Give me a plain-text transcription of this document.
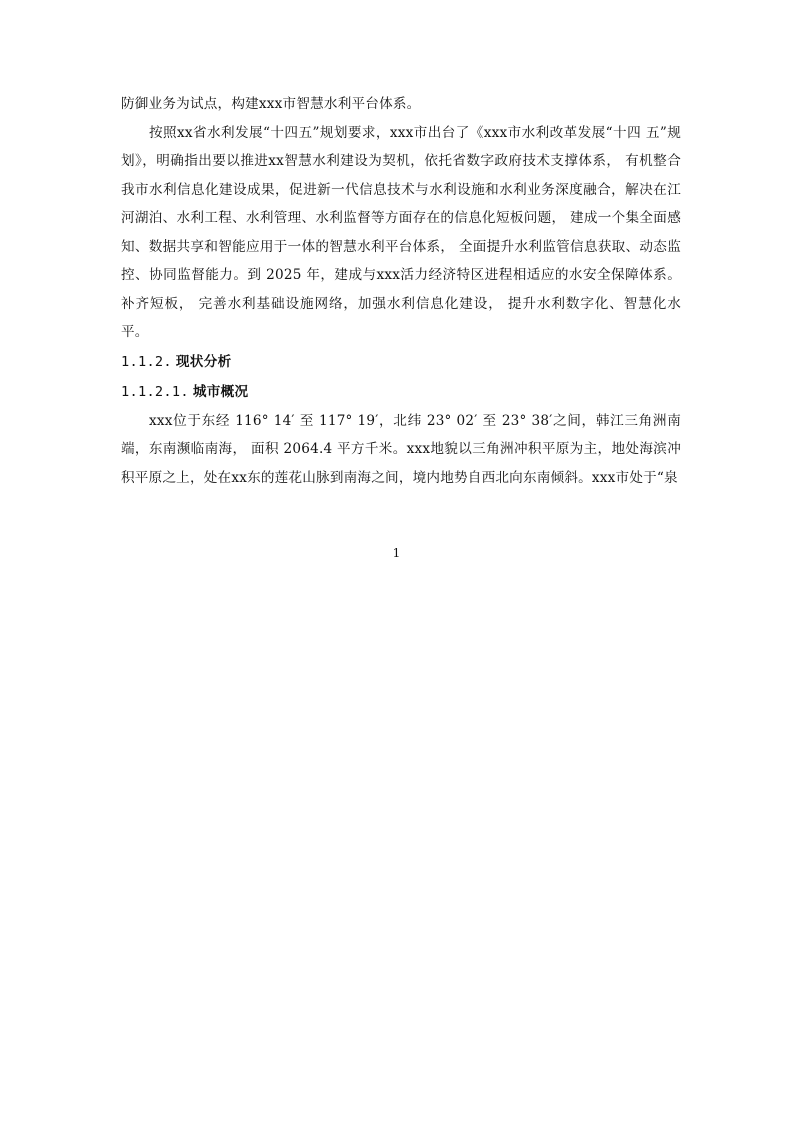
防御业务为试点，构建xxx市智慧水利平台体系。

按照xx省水利发展“十四五”规划要求，xxx市出台了《xxx市水利改革发展“十四 五”规划》，明确指出要以推进xx智慧水利建设为契机，依托省数字政府技术支撑体系， 有机整合我市水利信息化建设成果，促进新一代信息技术与水利设施和水利业务深度融合，解决在江河湖泊、水利工程、水利管理、水利监督等方面存在的信息化短板问题， 建成一个集全面感知、数据共享和智能应用于一体的智慧水利平台体系， 全面提升水利监管信息获取、动态监控、协同监督能力。到 2025 年，建成与xxx活力经济特区进程相适应的水安全保障体系。补齐短板， 完善水利基础设施网络，加强水利信息化建设， 提升水利数字化、智慧化水平。

1.1.2. 现状分析
1.1.2.1. 城市概况

xxx位于东经 116° 14′ 至 117° 19′，北纬 23° 02′ 至 23° 38′之间，韩江三角洲南端，东南濒临南海， 面积 2064.4 平方千米。xxx地貌以三角洲冲积平原为主，地处海滨冲积平原之上，处在xx东的莲花山脉到南海之间，境内地势自西北向东南倾斜。xxx市处于“泉

1
